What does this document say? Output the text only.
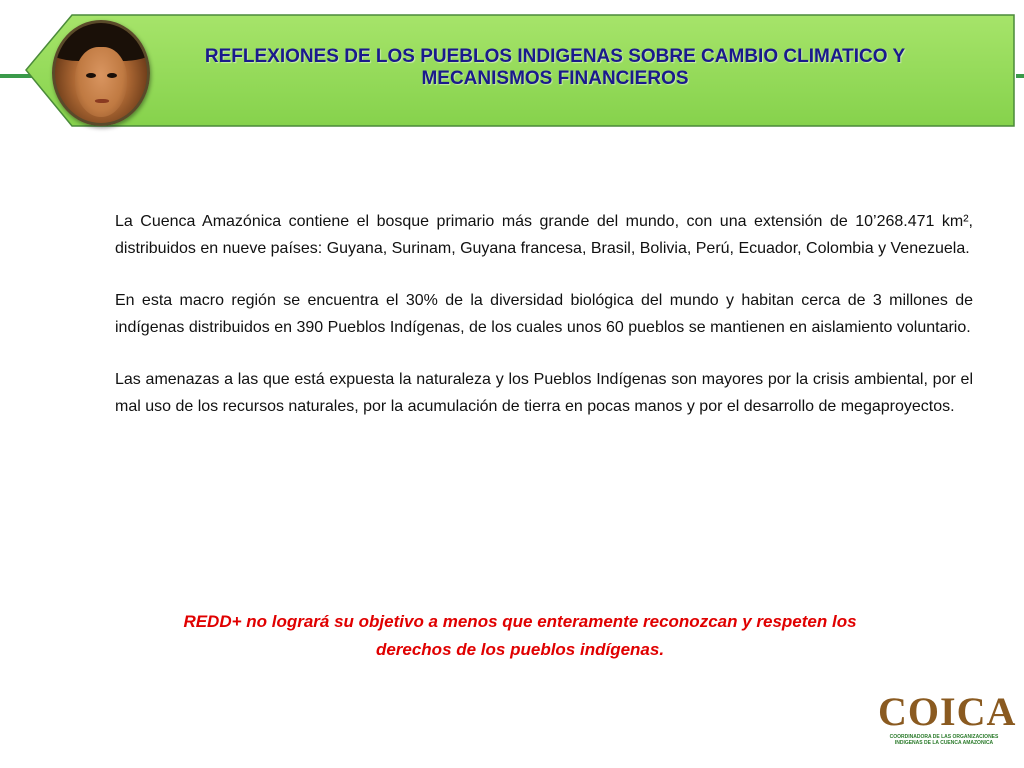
REFLEXIONES DE LOS PUEBLOS INDIGENAS SOBRE CAMBIO CLIMATICO Y
MECANISMOS FINANCIEROS

La Cuenca Amazónica contiene el bosque primario más grande del mundo, con una extensión de 10’268.471 km², distribuidos en nueve países: Guyana, Surinam, Guyana francesa, Brasil, Bolivia, Perú, Ecuador, Colombia y Venezuela.

En esta macro región se encuentra el 30% de la diversidad biológica del mundo y habitan cerca de 3 millones de indígenas distribuidos en 390 Pueblos Indígenas, de los cuales unos 60 pueblos se mantienen en aislamiento voluntario.

Las amenazas a las que está expuesta la naturaleza y los Pueblos Indígenas son mayores por la crisis ambiental, por el mal uso de los recursos naturales, por la acumulación de tierra en pocas manos y por el desarrollo de megaproyectos.

REDD+ no logrará su objetivo a menos que enteramente reconozcan y respeten los
derechos de los pueblos indígenas.
COICA
COORDINADORA DE LAS ORGANIZACIONES
INDIGENAS DE LA CUENCA AMAZONICA
